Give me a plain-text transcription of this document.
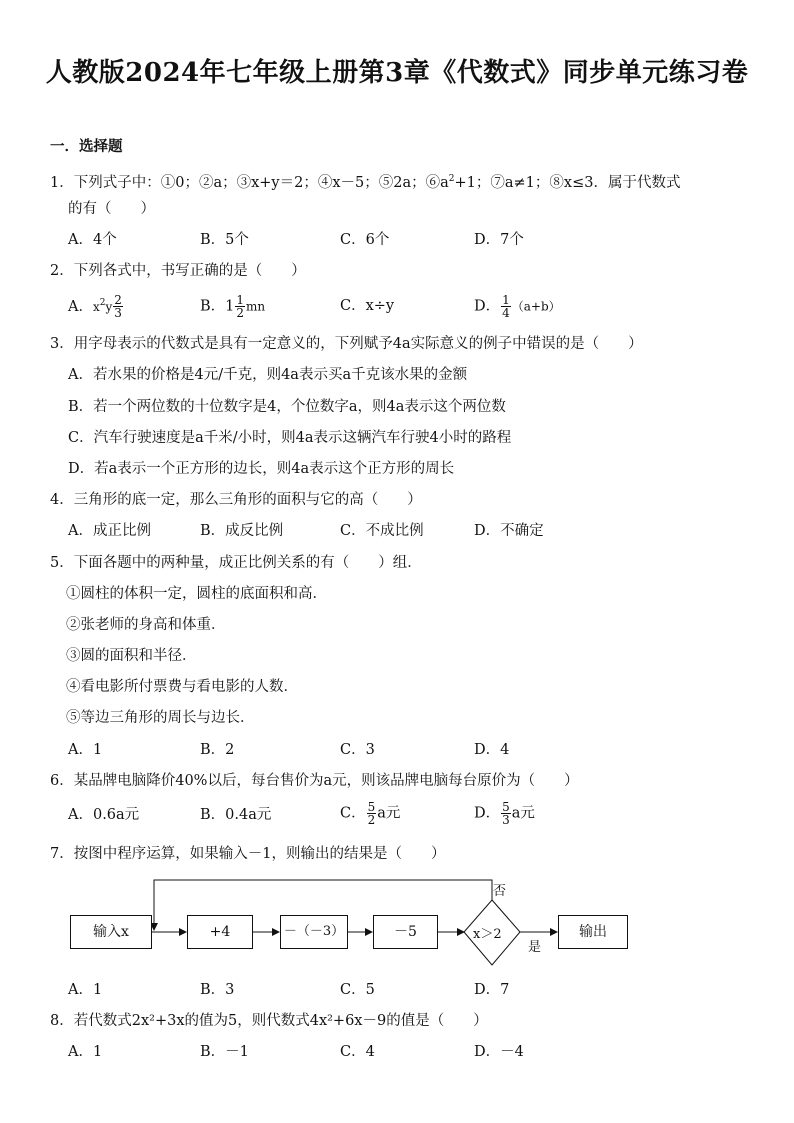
人教版2024年七年级上册第3章《代数式》同步单元练习卷
一．选择题
1．下列式子中：①0；②a；③x+y＝2；④x－5；⑤2a；$⑥a^2+1$；⑦a≠1；⑧x≤3．属于代数式
的有（　　）
A．4个	B．5个	C．6个	D．7个
2．下列各式中，书写正确的是（　　）
A．$x^2y \frac{2}{3}$	B．$1 \frac{1}{2}$ mn	C．x÷y	D． $\frac{1}{4} (a+b)$
3．用字母表示的代数式是具有一定意义的，下列赋予4a实际意义的例子中错误的是（　　）
A．若水果的价格是4元/千克，则4a表示买a千克该水果的金额
B．若一个两位数的十位数字是4，个位数字a，则4a表示这个两位数
C．汽车行驶速度是a千米/小时，则4a表示这辆汽车行驶4小时的路程
D．若a表示一个正方形的边长，则4a表示这个正方形的周长
4．三角形的底一定，那么三角形的面积与它的高（　　）
A．成正比例	B．成反比例	C．不成比例	D．不确定
5．下面各题中的两种量，成正比例关系的有（　　）组．
①圆柱的体积一定，圆柱的底面积和高．
②张老师的身高和体重．
③圆的面积和半径．
④看电影所付票费与看电影的人数．
⑤等边三角形的周长与边长．
A．1	B．2	C．3	D．4
6．某品牌电脑降价40%以后，每台售价为a元，则该品牌电脑每台原价为（　　）
A．0.6a元	B．0.4a元	C． $\frac{5}{2}$ a元	D． $\frac{5}{3}$ a元
7．按图中程序运算，如果输入－1，则输出的结果是（　　）
输入x	+4	－（－3）	－5	x＞2	输出
否
是
A．1	B．3	C．5	D．7
8．若代数式2x²+3x的值为5，则代数式4x²+6x－9的值是（　　）
A．1	B．－1	C．4	D．－4
